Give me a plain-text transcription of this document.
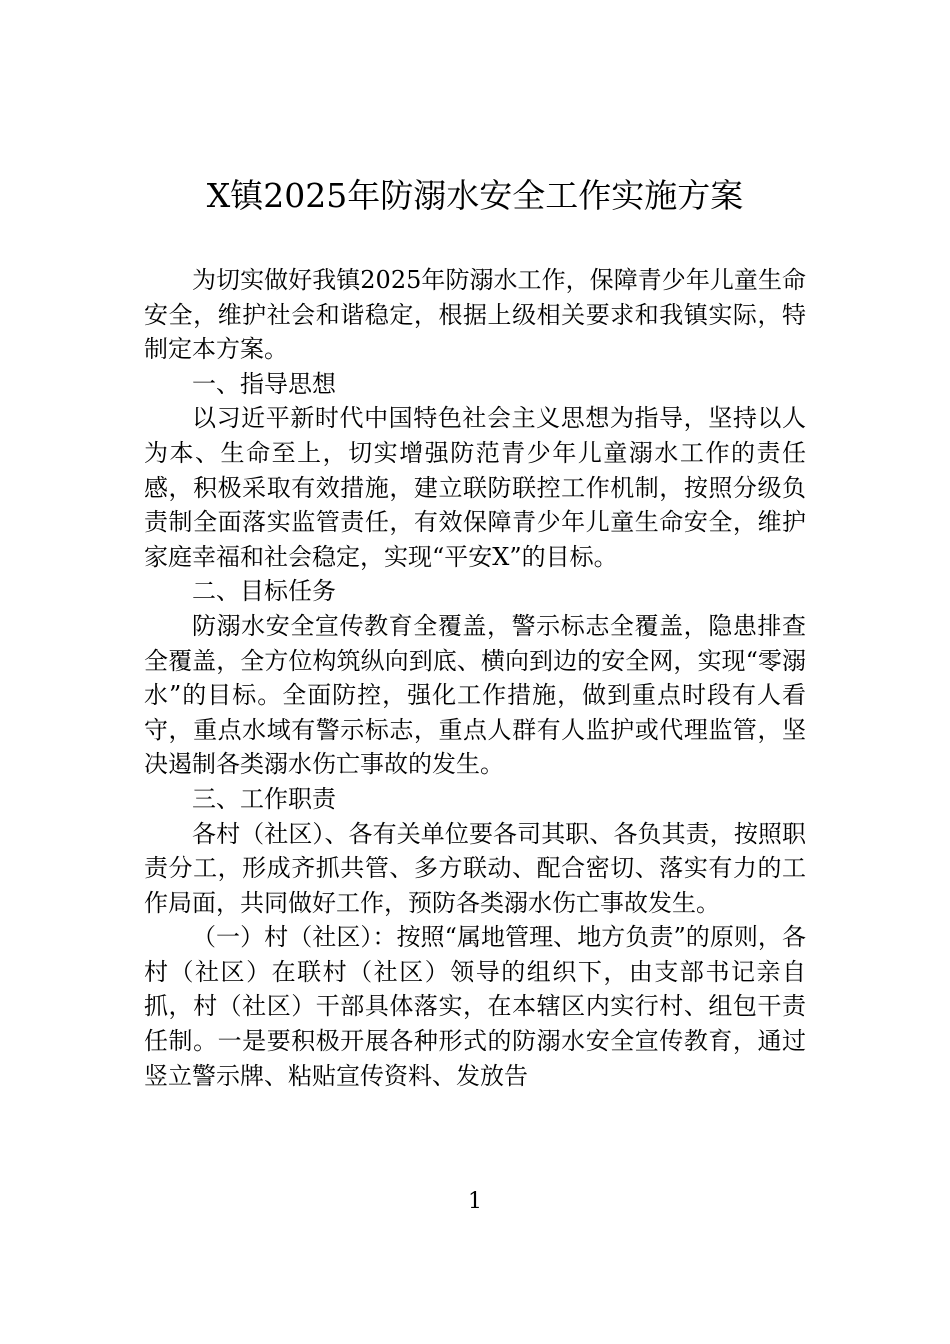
X镇2025年防溺水安全工作实施方案

为切实做好我镇2025年防溺水工作，保障青少年儿童生命安全，维护社会和谐稳定，根据上级相关要求和我镇实际，特制定本方案。

一、指导思想

以习近平新时代中国特色社会主义思想为指导，坚持以人为本、生命至上，切实增强防范青少年儿童溺水工作的责任感，积极采取有效措施，建立联防联控工作机制，按照分级负责制全面落实监管责任，有效保障青少年儿童生命安全，维护家庭幸福和社会稳定，实现“平安X”的目标。

二、目标任务

防溺水安全宣传教育全覆盖，警示标志全覆盖，隐患排查全覆盖，全方位构筑纵向到底、横向到边的安全网，实现“零溺水”的目标。全面防控，强化工作措施，做到重点时段有人看守，重点水域有警示标志，重点人群有人监护或代理监管，坚决遏制各类溺水伤亡事故的发生。

三、工作职责

各村（社区）、各有关单位要各司其职、各负其责，按照职责分工，形成齐抓共管、多方联动、配合密切、落实有力的工作局面，共同做好工作，预防各类溺水伤亡事故发生。

（一）村（社区）：按照“属地管理、地方负责”的原则，各村（社区）在联村（社区）领导的组织下，由支部书记亲自抓，村（社区）干部具体落实，在本辖区内实行村、组包干责任制。一是要积极开展各种形式的防溺水安全宣传教育，通过竖立警示牌、粘贴宣传资料、发放告

1
